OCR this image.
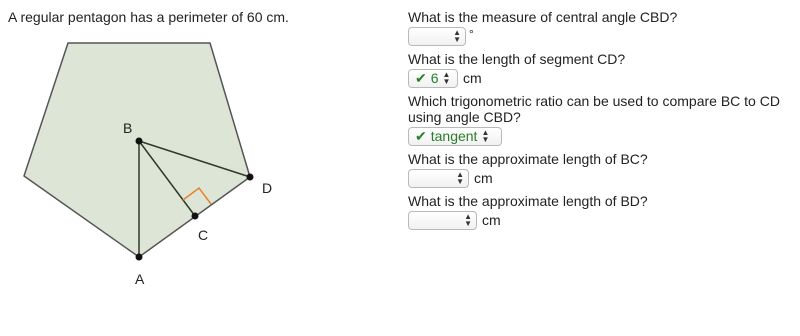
A regular pentagon has a perimeter of 60 cm.
B
A
C
D

What is the measure of central angle CBD?

▲
▼ °

What is the length of segment CD?

✔ 6 ▲
▼ cm

Which trigonometric ratio can be used to compare BC to CD using angle CBD?

✔ tangent ▲
▼

What is the approximate length of BC?

▲
▼ cm

What is the approximate length of BD?

▲
▼ cm
